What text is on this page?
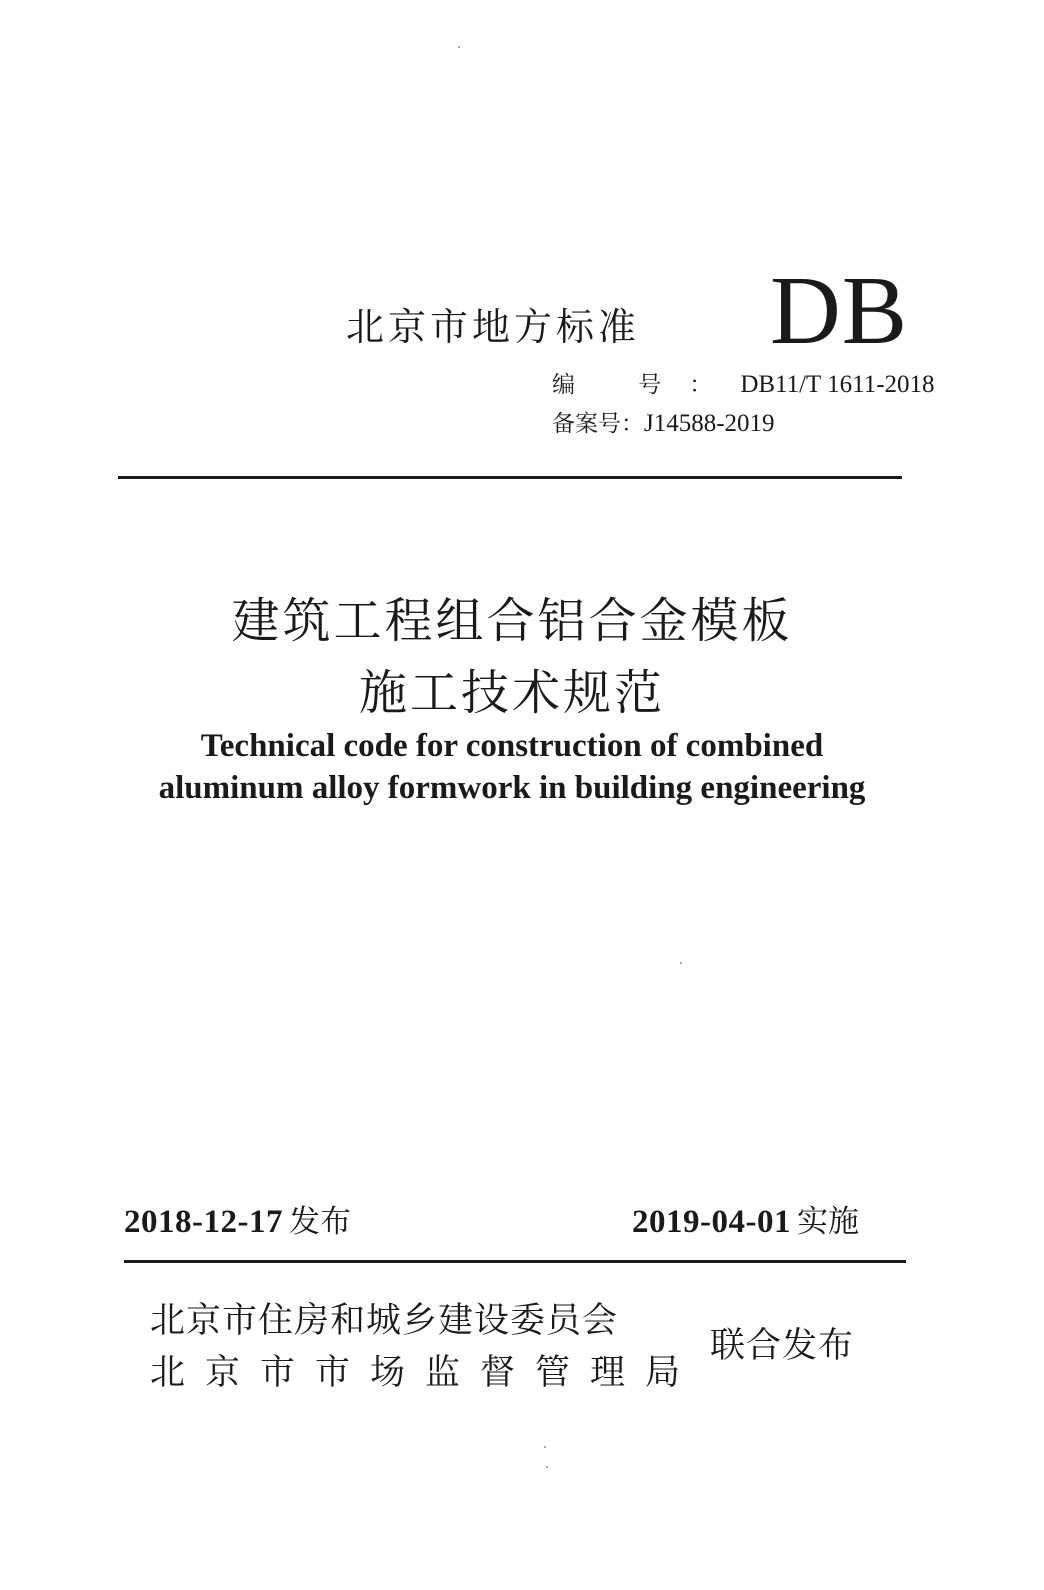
北京市地方标准 DB
编 号：DB11/T 1611-2018
备案号：J14588-2019
建筑工程组合铝合金模板
施工技术规范
Technical code for construction of combined
aluminum alloy formwork in building engineering
2018-12-17 发布	2019-04-01 实施
北京市住房和城乡建设委员会
北京市市场监督管理局
联合发布
